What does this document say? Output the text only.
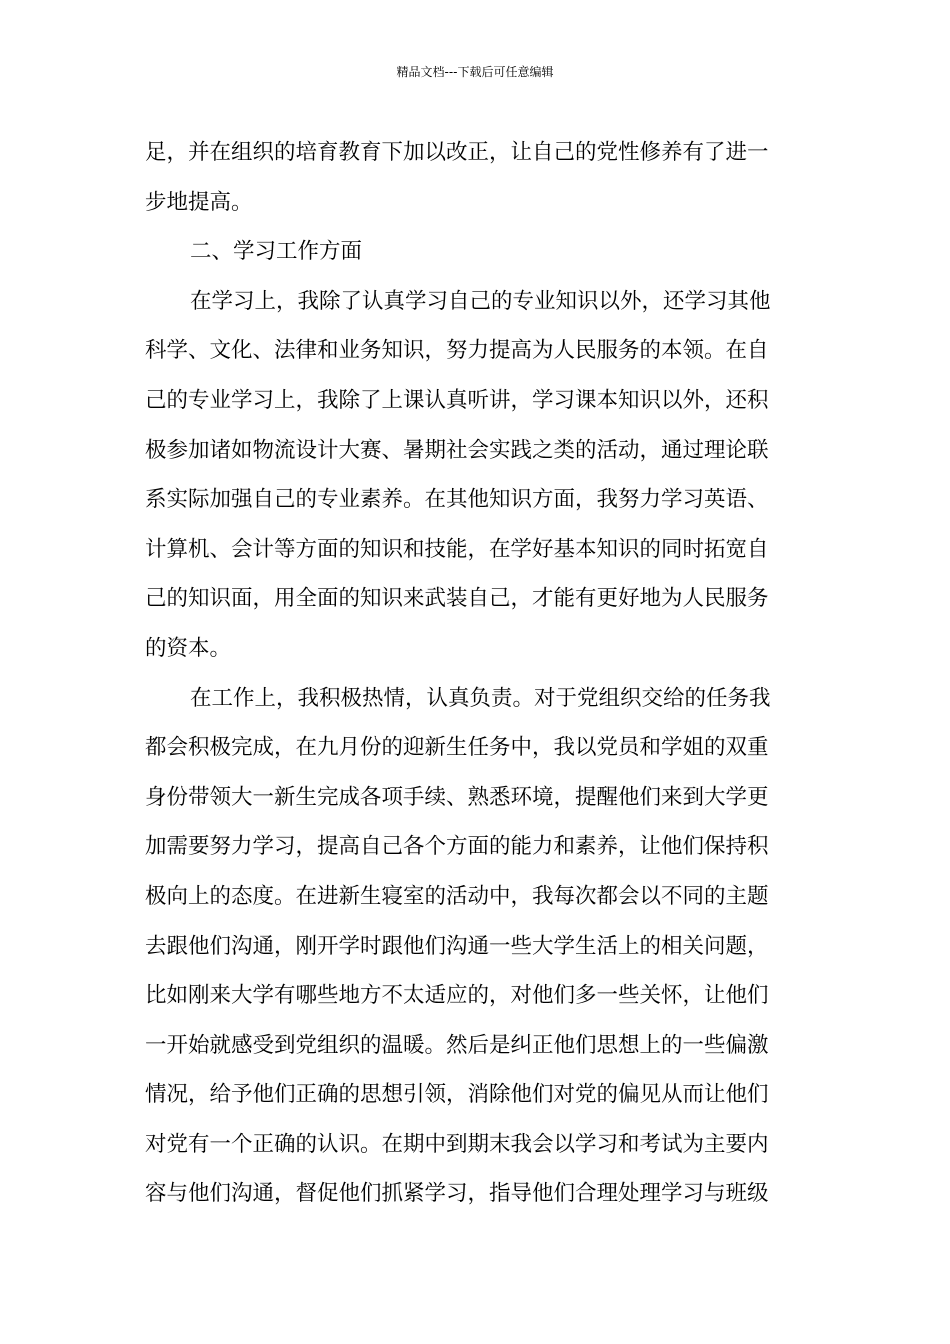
精品文档---下载后可任意编辑
足，并在组织的培育教育下加以改正，让自己的党性修养有了进一
步地提高。
二、学习工作方面
在学习上，我除了认真学习自己的专业知识以外，还学习其他
科学、文化、法律和业务知识，努力提高为人民服务的本领。在自
己的专业学习上，我除了上课认真听讲，学习课本知识以外，还积
极参加诸如物流设计大赛、暑期社会实践之类的活动，通过理论联
系实际加强自己的专业素养。在其他知识方面，我努力学习英语、
计算机、会计等方面的知识和技能，在学好基本知识的同时拓宽自
己的知识面，用全面的知识来武装自己，才能有更好地为人民服务
的资本。
在工作上，我积极热情，认真负责。对于党组织交给的任务我
都会积极完成，在九月份的迎新生任务中，我以党员和学姐的双重
身份带领大一新生完成各项手续、熟悉环境，提醒他们来到大学更
加需要努力学习，提高自己各个方面的能力和素养，让他们保持积
极向上的态度。在进新生寝室的活动中，我每次都会以不同的主题
去跟他们沟通，刚开学时跟他们沟通一些大学生活上的相关问题，
比如刚来大学有哪些地方不太适应的，对他们多一些关怀，让他们
一开始就感受到党组织的温暖。然后是纠正他们思想上的一些偏激
情况，给予他们正确的思想引领，消除他们对党的偏见从而让他们
对党有一个正确的认识。在期中到期末我会以学习和考试为主要内
容与他们沟通，督促他们抓紧学习，指导他们合理处理学习与班级
